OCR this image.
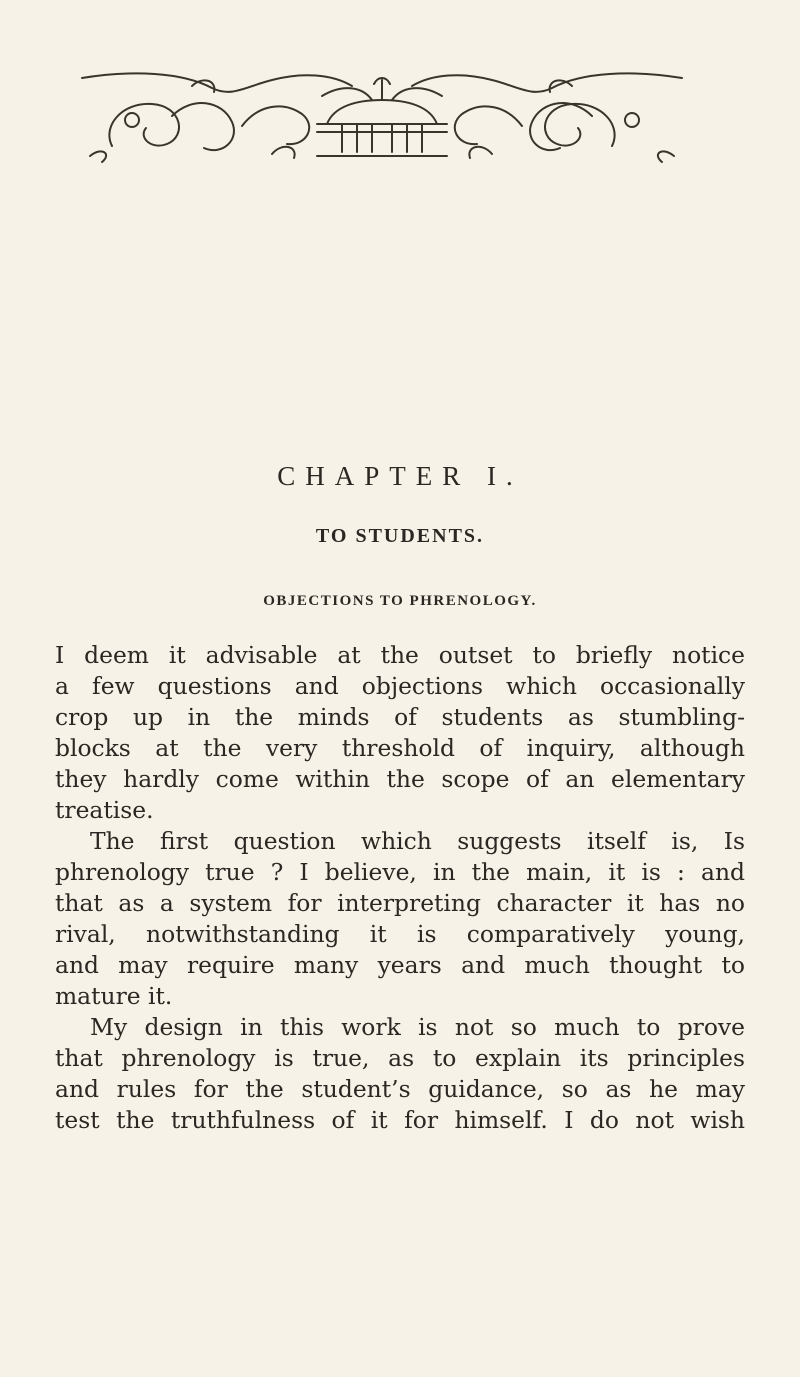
CHAPTER I.
TO STUDENTS.
OBJECTIONS TO PHRENOLOGY.

I deem it advisable at the outset to briefly notice

a few questions and objections which occasionally

crop up in the minds of students as stumbling-

blocks at the very threshold of inquiry, although

they hardly come within the scope of an elementary

treatise.

The first question which suggests itself is, Is

phrenology true ? I believe, in the main, it is : and

that as a system for interpreting character it has no

rival, notwithstanding it is comparatively young,

and may require many years and much thought to

mature it.

My design in this work is not so much to prove

that phrenology is true, as to explain its principles

and rules for the student’s guidance, so as he may

test the truthfulness of it for himself. I do not wish
